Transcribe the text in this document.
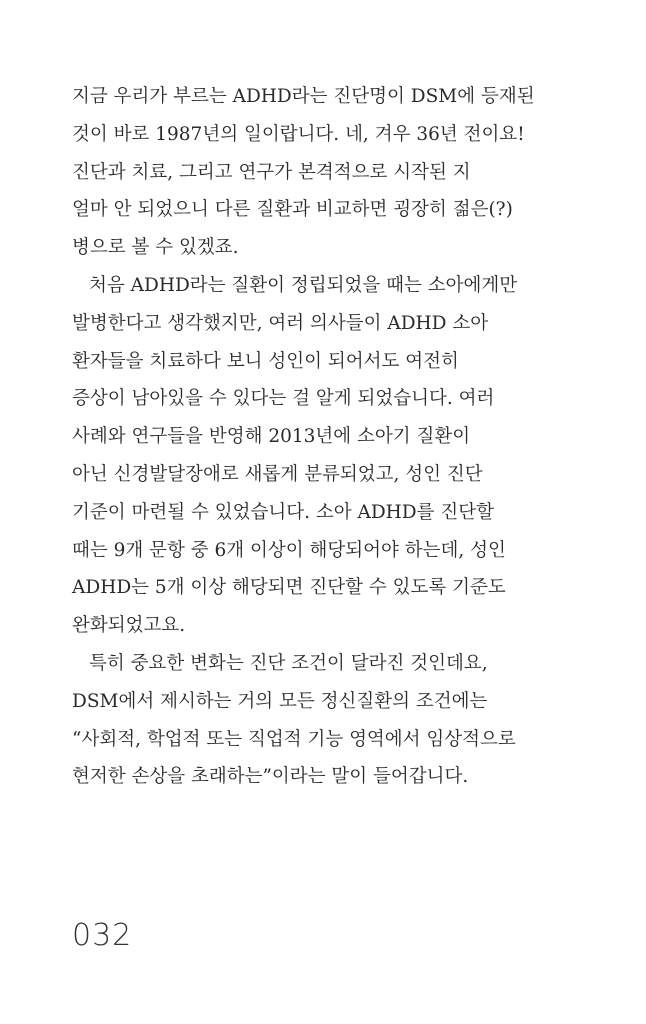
지금 우리가 부르는 ADHD라는 진단명이 DSM에 등재된
것이 바로 1987년의 일이랍니다. 네, 겨우 36년 전이요!
진단과 치료, 그리고 연구가 본격적으로 시작된 지
얼마 안 되었으니 다른 질환과 비교하면 굉장히 젊은(?)
병으로 볼 수 있겠죠.
처음 ADHD라는 질환이 정립되었을 때는 소아에게만
발병한다고 생각했지만, 여러 의사들이 ADHD 소아
환자들을 치료하다 보니 성인이 되어서도 여전히
증상이 남아있을 수 있다는 걸 알게 되었습니다. 여러
사례와 연구들을 반영해 2013년에 소아기 질환이
아닌 신경발달장애로 새롭게 분류되었고, 성인 진단
기준이 마련될 수 있었습니다. 소아 ADHD를 진단할
때는 9개 문항 중 6개 이상이 해당되어야 하는데, 성인
ADHD는 5개 이상 해당되면 진단할 수 있도록 기준도
완화되었고요.
특히 중요한 변화는 진단 조건이 달라진 것인데요,
DSM에서 제시하는 거의 모든 정신질환의 조건에는
“사회적, 학업적 또는 직업적 기능 영역에서 임상적으로
현저한 손상을 초래하는”이라는 말이 들어갑니다.
032
